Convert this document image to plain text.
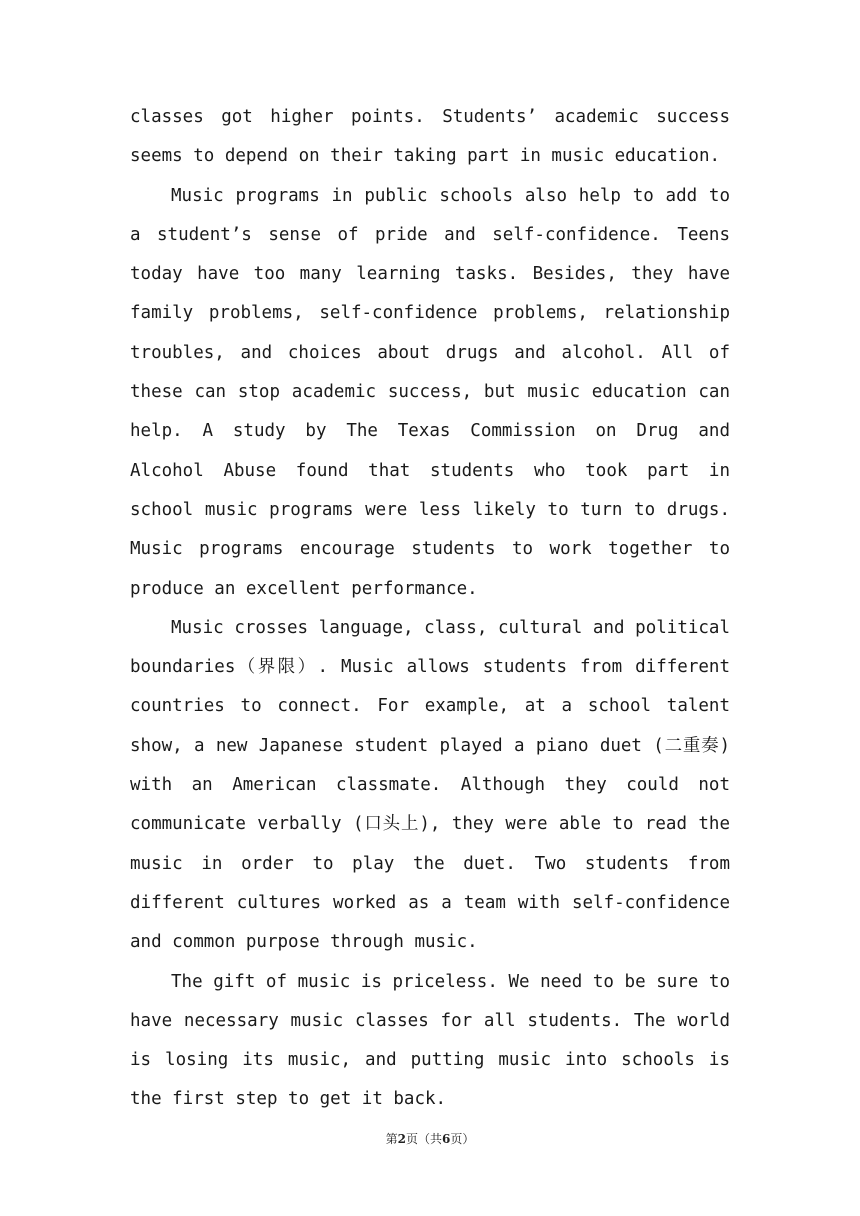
classes got higher points. Students’ academic success seems to depend on their taking part in music education.

Music programs in public schools also help to add to a student’s sense of pride and self-confidence. Teens today have too many learning tasks. Besides, they have family problems, self-confidence problems, relationship troubles, and choices about drugs and alcohol. All of these can stop academic success, but music education can help. A study by The Texas Commission on Drug and Alcohol Abuse found that students who took part in school music programs were less likely to turn to drugs. Music programs encourage students to work together to produce an excellent performance.

Music crosses language, class, cultural and political boundaries（界限）. Music allows students from different countries to connect. For example, at a school talent show, a new Japanese student played a piano duet (二重奏) with an American classmate. Although they could not communicate verbally (口头上), they were able to read the music in order to play the duet. Two students from different cultures worked as a team with self-confidence and common purpose through music.

The gift of music is priceless. We need to be sure to have necessary music classes for all students. The world is losing its music, and putting music into schools is the first step to get it back.

第2页（共6页）
